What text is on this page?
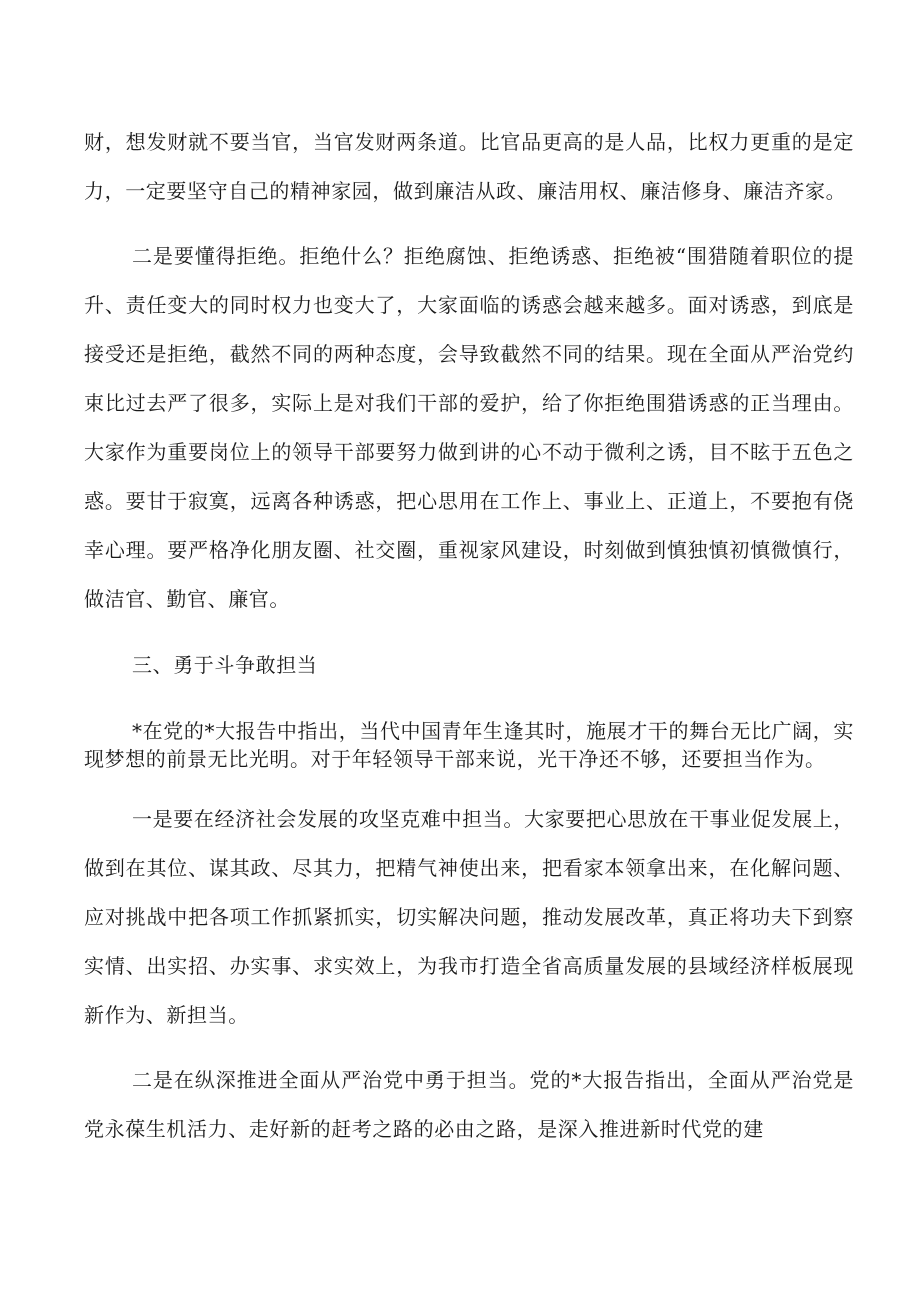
财，想发财就不要当官，当官发财两条道。比官品更高的是人品，比权力更重的是定力，一定要坚守自己的精神家园，做到廉洁从政、廉洁用权、廉洁修身、廉洁齐家。

二是要懂得拒绝。拒绝什么？拒绝腐蚀、拒绝诱惑、拒绝被“围猎随着职位的提升、责任变大的同时权力也变大了，大家面临的诱惑会越来越多。面对诱惑，到底是接受还是拒绝，截然不同的两种态度，会导致截然不同的结果。现在全面从严治党约束比过去严了很多，实际上是对我们干部的爱护，给了你拒绝围猎诱惑的正当理由。大家作为重要岗位上的领导干部要努力做到讲的心不动于微利之诱，目不眩于五色之惑。要甘于寂寞，远离各种诱惑，把心思用在工作上、事业上、正道上，不要抱有侥幸心理。要严格净化朋友圈、社交圈，重视家风建设，时刻做到慎独慎初慎微慎行，做洁官、勤官、廉官。

三、勇于斗争敢担当

*在党的*大报告中指出，当代中国青年生逢其时，施展才干的舞台无比广阔，实现梦想的前景无比光明。对于年轻领导干部来说，光干净还不够，还要担当作为。

一是要在经济社会发展的攻坚克难中担当。大家要把心思放在干事业促发展上，做到在其位、谋其政、尽其力，把精气神使出来，把看家本领拿出来，在化解问题、应对挑战中把各项工作抓紧抓实，切实解决问题，推动发展改革，真正将功夫下到察实情、出实招、办实事、求实效上，为我市打造全省高质量发展的县域经济样板展现新作为、新担当。

二是在纵深推进全面从严治党中勇于担当。党的*大报告指出，全面从严治党是党永葆生机活力、走好新的赶考之路的必由之路，是深入推进新时代党的建
